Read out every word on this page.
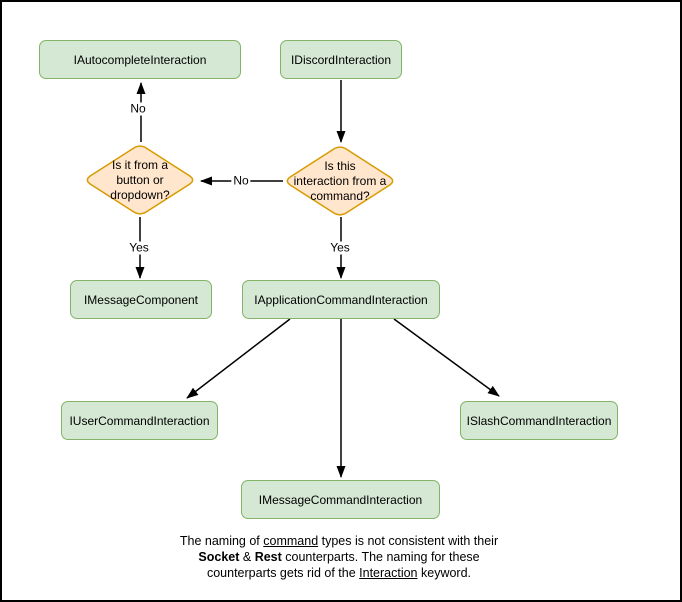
IAutocompleteInteraction	IDiscordInteraction
Is it from a
button or
dropdown?
Is this
interaction from a
command?
No
No
Yes	Yes
IMessageComponent	IApplicationCommandInteraction
IUserCommandInteraction	ISlashCommandInteraction
IMessageCommandInteraction
The naming of command types is not consistent with their
Socket & Rest counterparts. The naming for these
counterparts gets rid of the Interaction keyword.
